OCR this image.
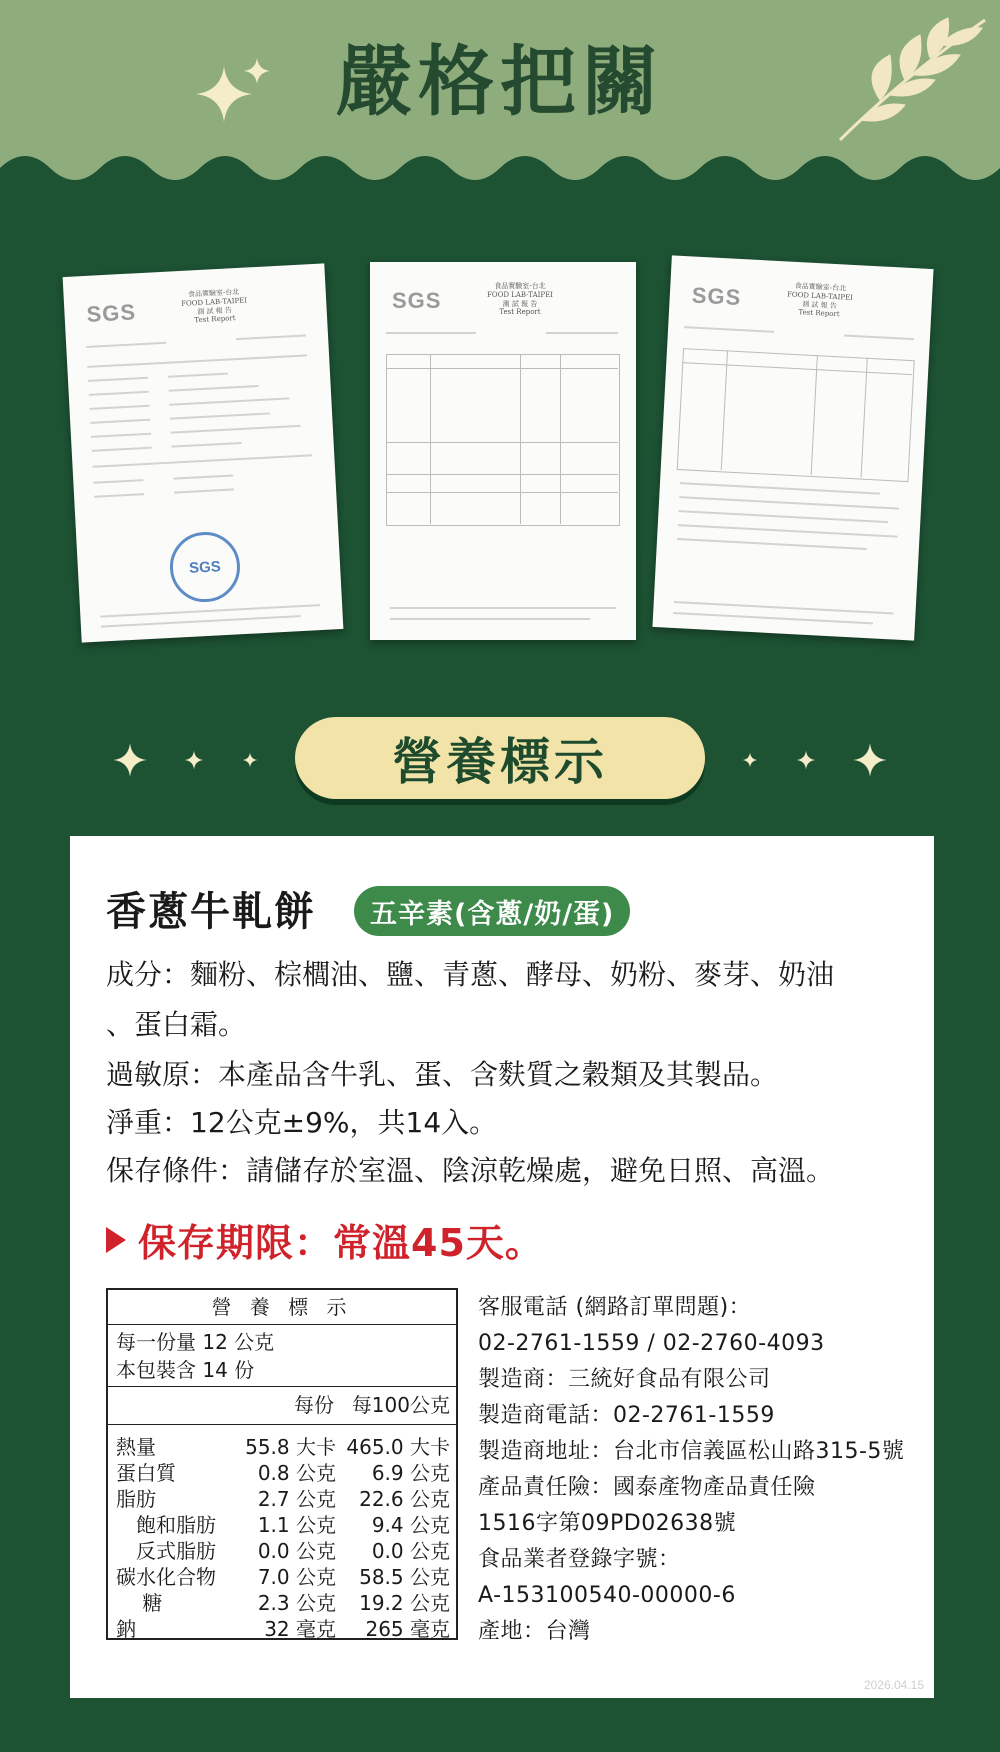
嚴格把關
SGS
食品實驗室-台北
FOOD LAB-TAIPEI
測 試 報 告
Test Report
SGS
SGS
食品實驗室-台北
FOOD LAB-TAIPEI
測 試 報 告
Test Report
SGS	食品實驗室-台北
FOOD LAB-TAIPEI
測 試 報 告
Test Report
營養標示
香蔥牛軋餅	五辛素(含蔥/奶/蛋)
成分：麵粉、棕櫚油、鹽、青蔥、酵母、奶粉、麥芽、奶油
、蛋白霜。
過敏原：本產品含牛乳、蛋、含麩質之穀類及其製品。
淨重：12公克±9%，共14入。
保存條件：請儲存於室溫、陰涼乾燥處，避免日照、高溫。
保存期限：常溫45天。
營 養 標 示
每一份量 12 公克
本包裝含 14 份
每份 每100公克
熱量	55.8 大卡 465.0 大卡
蛋白質	0.8 公克 6.9 公克
脂肪	2.7 公克 22.6 公克
　飽和脂肪 1.1 公克 9.4 公克
　反式脂肪 0.0 公克 0.0 公克
碳水化合物 7.0 公克 58.5 公克
　 糖	2.3 公克 19.2 公克
鈉	32 毫克 265 毫克
客服電話 (網路訂單問題)：
02-2761-1559 / 02-2760-4093
製造商：三統好食品有限公司
製造商電話：02-2761-1559
製造商地址：台北市信義區松山路315-5號
產品責任險：國泰產物產品責任險
1516字第09PD02638號
食品業者登錄字號：
A-153100540-00000-6
產地：台灣
2026.04.15
